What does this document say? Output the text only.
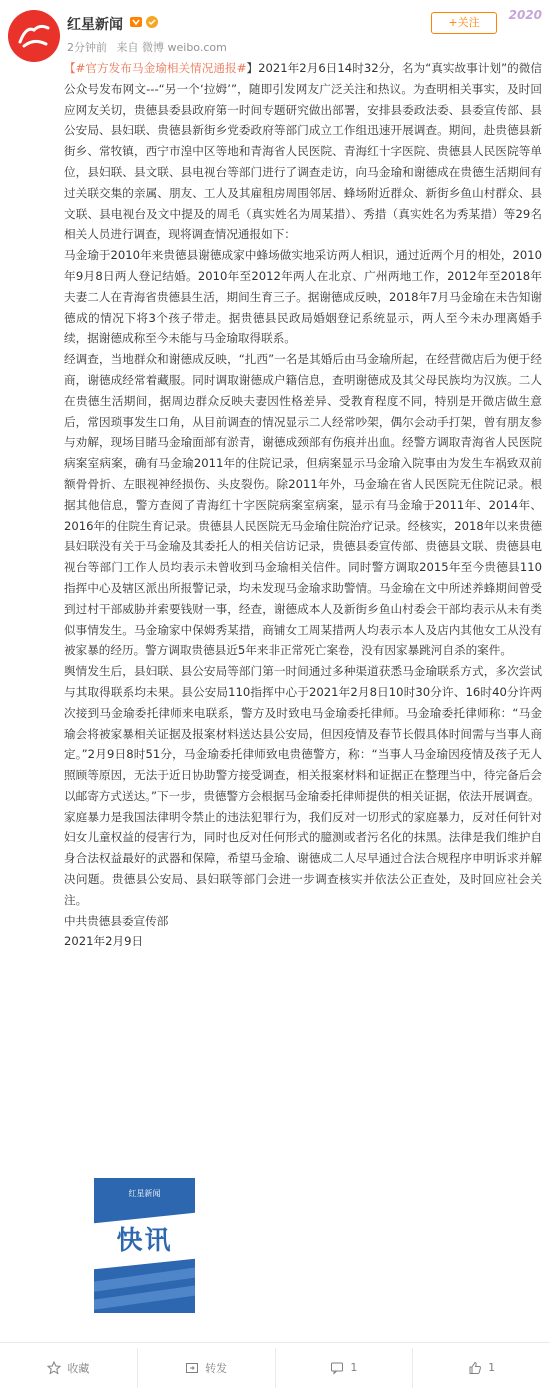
红星新闻
2分钟前 来自 微博 weibo.com
2020
+关注

【#官方发布马金瑜相关情况通报#】2021年2月6日14时32分，名为“真实故事计划”的微信公众号发布网文---“另一个‘拉姆’”，随即引发网友广泛关注和热议。为查明相关事实，及时回应网友关切，贵德县委县政府第一时间专题研究做出部署，安排县委政法委、县委宣传部、县公安局、县妇联、贵德县新街乡党委政府等部门成立工作组迅速开展调查。期间，赴贵德县新街乡、常牧镇，西宁市湟中区等地和青海省人民医院、青海红十字医院、贵德县人民医院等单位，县妇联、县文联、县电视台等部门进行了调查走访，向马金瑜和谢德成在贵德生活期间有过关联交集的亲属、朋友、工人及其雇租房周围邻居、蜂场附近群众、新街乡鱼山村群众、县文联、县电视台及文中提及的周毛（真实姓名为周某措）、秀措（真实姓名为秀某措）等29名相关人员进行调查，现将调查情况通报如下：

马金瑜于2010年来贵德县谢德成家中蜂场做实地采访两人相识，通过近两个月的相处，2010年9月8日两人登记结婚。2010年至2012年两人在北京、广州两地工作，2012年至2018年夫妻二人在青海省贵德县生活，期间生育三子。据谢德成反映，2018年7月马金瑜在未告知谢德成的情况下将3个孩子带走。据贵德县民政局婚姻登记系统显示，两人至今未办理离婚手续，据谢德成称至今未能与马金瑜取得联系。

经调查，当地群众和谢德成反映，“扎西”一名是其婚后由马金瑜所起，在经营微店后为便于经商，谢德成经常着藏服。同时调取谢德成户籍信息，查明谢德成及其父母民族均为汉族。二人在贵德生活期间，据周边群众反映夫妻因性格差异、受教育程度不同，特别是开微店做生意后，常因琐事发生口角，从目前调查的情况显示二人经常吵架，偶尔会动手打架，曾有朋友参与劝解，现场目睹马金瑜面部有淤青，谢德成颈部有伤痕并出血。经警方调取青海省人民医院病案室病案，确有马金瑜2011年的住院记录，但病案显示马金瑜入院事由为发生车祸致双前额骨骨折、左眼视神经损伤、头皮裂伤。除2011年外，马金瑜在省人民医院无住院记录。根据其他信息，警方查阅了青海红十字医院病案室病案，显示有马金瑜于2011年、2014年、2016年的住院生育记录。贵德县人民医院无马金瑜住院治疗记录。经核实，2018年以来贵德县妇联没有关于马金瑜及其委托人的相关信访记录，贵德县委宣传部、贵德县文联、贵德县电视台等部门工作人员均表示未曾收到马金瑜相关信件。同时警方调取2015年至今贵德县110指挥中心及辖区派出所报警记录，均未发现马金瑜求助警情。马金瑜在文中所述养蜂期间曾受到过村干部威胁并索要钱财一事，经查，谢德成本人及新街乡鱼山村委会干部均表示从未有类似事情发生。马金瑜家中保姆秀某措，商铺女工周某措两人均表示本人及店内其他女工从没有被家暴的经历。警方调取贵德县近5年来非正常死亡案卷，没有因家暴跳河自杀的案件。

舆情发生后，县妇联、县公安局等部门第一时间通过多种渠道获悉马金瑜联系方式，多次尝试与其取得联系均未果。县公安局110指挥中心于2021年2月8日10时30分许、16时40分许两次接到马金瑜委托律师来电联系，警方及时致电马金瑜委托律师。马金瑜委托律师称：“马金瑜会将被家暴相关证据及报案材料送达县公安局，但因疫情及春节长假具体时间需与当事人商定。”2月9日8时51分，马金瑜委托律师致电贵德警方，称：“当事人马金瑜因疫情及孩子无人照顾等原因，无法于近日协助警方接受调查，相关报案材料和证据正在整理当中，待完备后会以邮寄方式送达。”下一步，贵德警方会根据马金瑜委托律师提供的相关证据，依法开展调查。

家庭暴力是我国法律明令禁止的违法犯罪行为，我们反对一切形式的家庭暴力，反对任何针对妇女儿童权益的侵害行为，同时也反对任何形式的臆测或者污名化的抹黑。法律是我们维护自身合法权益最好的武器和保障，希望马金瑜、谢德成二人尽早通过合法合规程序申明诉求并解决问题。贵德县公安局、县妇联等部门会进一步调查核实并依法公正查处，及时回应社会关注。

中共贵德县委宣传部

2021年2月9日

红星新闻
快讯
收藏	转发	1	1
